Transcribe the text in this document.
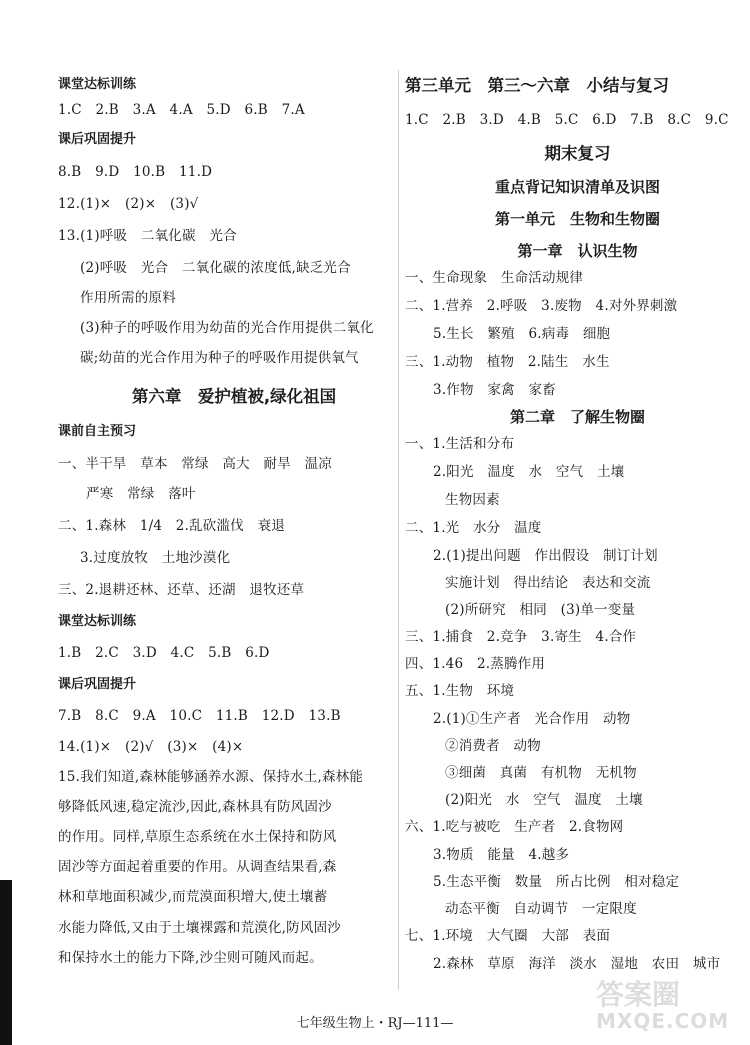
课堂达标训练
1.C　2.B　3.A　4.A　5.D　6.B　7.A
课后巩固提升
8.B　9.D　10.B　11.D
12.(1)×　(2)×　(3)√
13.(1)呼吸　二氧化碳　光合
(2)呼吸　光合　二氧化碳的浓度低,缺乏光合
作用所需的原料
(3)种子的呼吸作用为幼苗的光合作用提供二氧化
碳;幼苗的光合作用为种子的呼吸作用提供氧气
第六章　爱护植被,绿化祖国
课前自主预习
一、半干旱　草本　常绿　高大　耐旱　温凉
严寒　常绿　落叶
二、1.森林　1/4　2.乱砍滥伐　衰退
3.过度放牧　土地沙漠化
三、2.退耕还林、还草、还湖　退牧还草
课堂达标训练
1.B　2.C　3.D　4.C　5.B　6.D
课后巩固提升
7.B　8.C　9.A　10.C　11.B　12.D　13.B
14.(1)×　(2)√　(3)×　(4)×
15.我们知道,森林能够涵养水源、保持水土,森林能
够降低风速,稳定流沙,因此,森林具有防风固沙
的作用。同样,草原生态系统在水土保持和防风
固沙等方面起着重要的作用。从调查结果看,森
林和草地面积减少,而荒漠面积增大,使土壤蓄
水能力降低,又由于土壤裸露和荒漠化,防风固沙
和保持水土的能力下降,沙尘则可随风而起。
第三单元　第三～六章　小结与复习
1.C　2.B　3.D　4.B　5.C　6.D　7.B　8.C　9.C
期末复习
重点背记知识清单及识图
第一单元　生物和生物圈
第一章　认识生物
一、生命现象　生命活动规律
二、1.营养　2.呼吸　3.废物　4.对外界刺激
5.生长　繁殖　6.病毒　细胞
三、1.动物　植物　2.陆生　水生
3.作物　家禽　家畜
第二章　了解生物圈
一、1.生活和分布
2.阳光　温度　水　空气　土壤
生物因素
二、1.光　水分　温度
2.(1)提出问题　作出假设　制订计划
实施计划　得出结论　表达和交流
(2)所研究　相同　(3)单一变量
三、1.捕食　2.竞争　3.寄生　4.合作
四、1.46　2.蒸腾作用
五、1.生物　环境
2.(1)①生产者　光合作用　动物
②消费者　动物
③细菌　真菌　有机物　无机物
(2)阳光　水　空气　温度　土壤
六、1.吃与被吃　生产者　2.食物网
3.物质　能量　4.越多
5.生态平衡　数量　所占比例　相对稳定
动态平衡　自动调节　一定限度
七、1.环境　大气圈　大部　表面
2.森林　草原　海洋　淡水　湿地　农田　城市
七年级生物上・RJ—111—
答案圈
MXQE.COM
